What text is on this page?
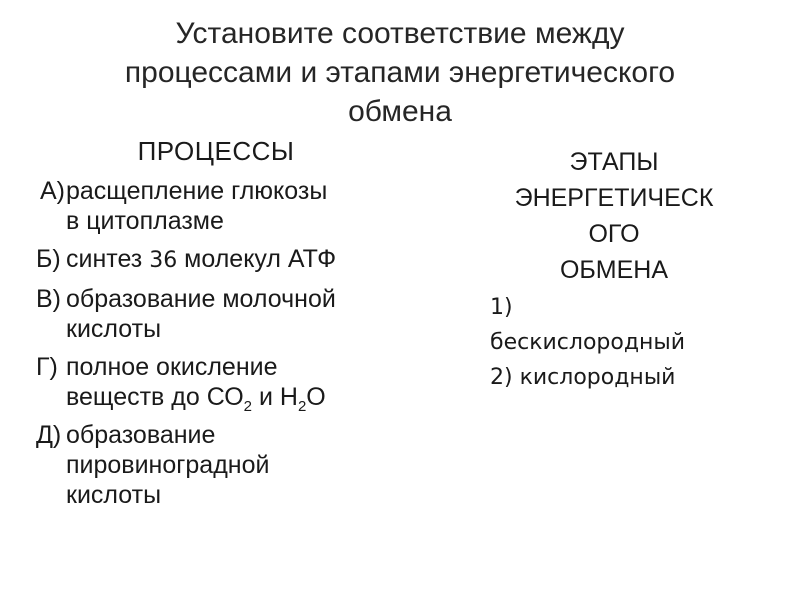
Установите соответствие между
процессами и этапами энергетического
обмена
ПРОЦЕССЫ
А) расщепление глюкозы
в цитоплазме
Б) синтез 36 молекул АТФ
В) образование молочной
кислоты
Г) полное окисление
веществ до $СО_2$ и $Н_2О$
Д) образование
пировиноградной
кислоты
ЭТАПЫ
ЭНЕРГЕТИЧЕСК
ОГО
ОБМЕНА
1)
бескислородный
2) кислородный
